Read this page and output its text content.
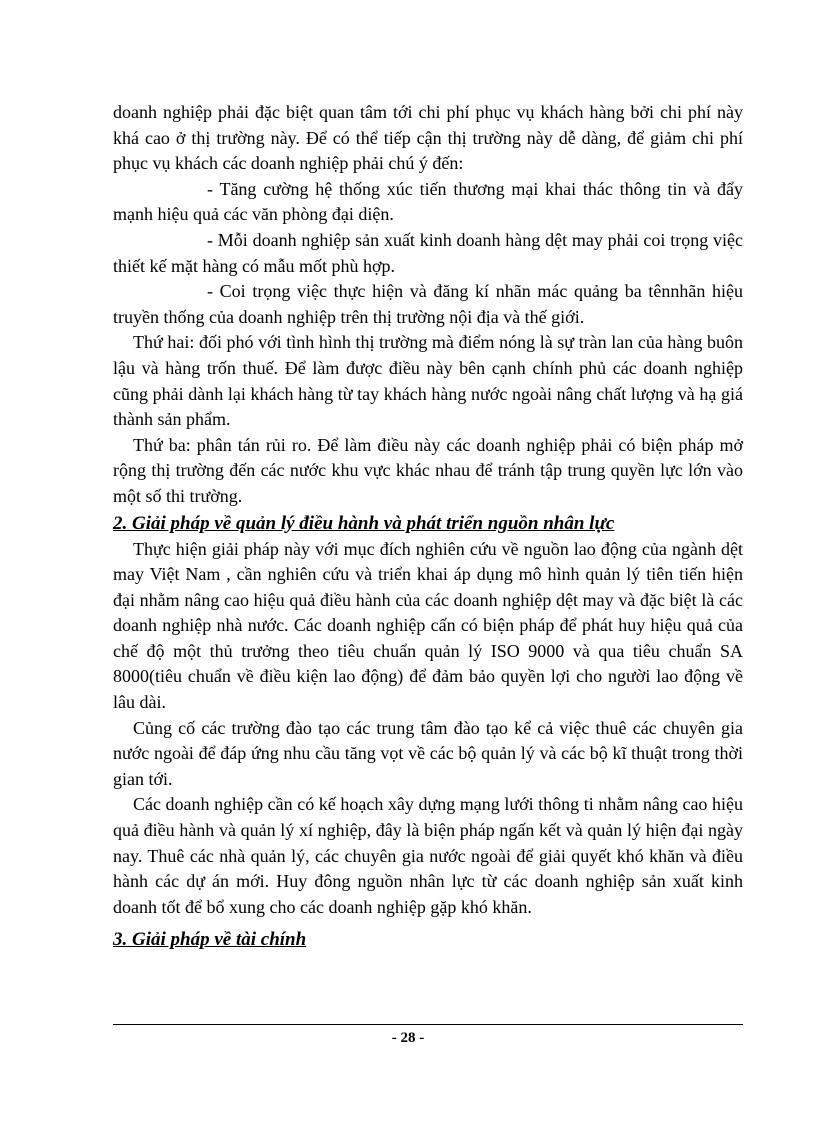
doanh nghiệp phải đặc biệt quan tâm tới chi phí phục vụ khách hàng bởi chi phí này khá cao ở thị trường này. Để có thể tiếp cận thị trường này dễ dàng, để giảm chi phí phục vụ khách các doanh nghiệp phải chú ý đến:

- Tăng cường hệ thống xúc tiến thương mại khai thác thông tin và đẩy mạnh hiệu quả các văn phòng đại diện.

- Mỗi doanh nghiệp sản xuất kinh doanh hàng dệt may phải coi trọng việc thiết kế mặt hàng có mẫu mốt phù hợp.

- Coi trọng việc thực hiện và đăng kí nhãn mác quảng ba tênnhãn hiệu truyền thống của doanh nghiệp trên thị trường nội địa và thế giới.

Thứ hai: đối phó với tình hình thị trường mà điểm nóng là sự tràn lan của hàng buôn lậu và hàng trốn thuế. Để làm được điều này bên cạnh chính phủ các doanh nghiệp cũng phải dành lại khách hàng từ tay khách hàng nước ngoài nâng chất lượng và hạ giá thành sản phẩm.

Thứ ba: phân tán rủi ro. Để làm điều này các doanh nghiệp phải có biện pháp mở rộng thị trường đến các nước khu vực khác nhau để tránh tập trung quyền lực lớn vào một số thi trường.

2. Giải pháp về quản lý điều hành và phát triển nguồn nhân lực

Thực hiện giải pháp này với mục đích nghiên cứu về nguồn lao động của ngành dệt may Việt Nam , cần nghiên cứu và triển khai áp dụng mô hình quản lý tiên tiến hiện đại nhằm nâng cao hiệu quả điều hành của các doanh nghiệp dệt may và đặc biệt là các doanh nghiệp nhà nước. Các doanh nghiệp cấn có biện pháp để phát huy hiệu quả của chế độ một thủ trưởng theo tiêu chuẩn quản lý ISO 9000 và qua tiêu chuẩn SA 8000(tiêu chuẩn về điều kiện lao động) để đảm bảo quyền lợi cho người lao động về lâu dài.

Củng cố các trường đào tạo các trung tâm đào tạo kể cả việc thuê các chuyên gia nước ngoài để đáp ứng nhu cầu tăng vọt về các bộ quản lý và các bộ kĩ thuật trong thời gian tới.

Các doanh nghiệp cần có kế hoạch xây dựng mạng lưới thông ti nhằm nâng cao hiệu quả điều hành và quản lý xí nghiệp, đây là biện pháp ngấn kết và quản lý hiện đại ngày nay. Thuê các nhà quản lý, các chuyên gia nước ngoài để giải quyết khó khăn và điều hành các dự án mới. Huy đông nguồn nhân lực từ các doanh nghiệp sản xuất kinh doanh tốt để bổ xung cho các doanh nghiệp gặp khó khăn.

3. Giải pháp về tài chính

- 28 -
